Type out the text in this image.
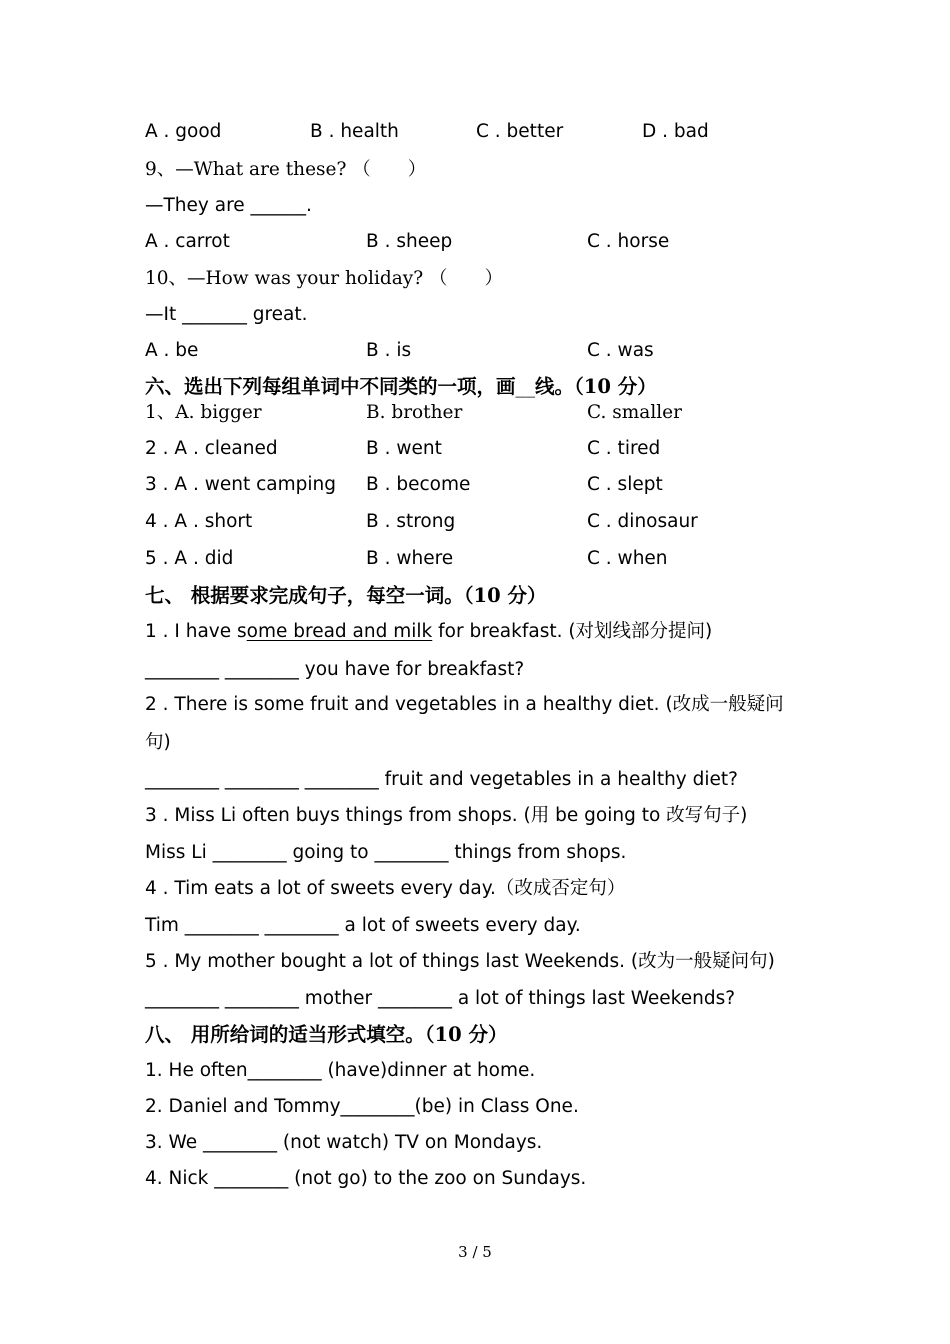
A . good	B . health	C . better	D . bad
9、—What are these? （　　）
—They are ______.
A . carrot	B . sheep	C . horse
10、—How was your holiday? （　　）
—It _______ great.
A . be	B . is	C . was
六、选出下列每组单词中不同类的一项，画__线。（10 分）
1、A. bigger	B. brother	C. smaller
2 . A . cleaned	B . went	C . tired
3 . A . went camping B . become	C . slept
4 . A . short	B . strong	C . dinosaur
5 . A . did	B . where	C . when
七、 根据要求完成句子，每空一词。（10 分）
1 . I have some bread and milk for breakfast. (对划线部分提问)
________ ________ you have for breakfast?
2 . There is some fruit and vegetables in a healthy diet. (改成一般疑问
句)
________ ________ ________ fruit and vegetables in a healthy diet?
3 . Miss Li often buys things from shops. (用 be going to 改写句子)
Miss Li ________ going to ________ things from shops.
4 . Tim eats a lot of sweets every day.（改成否定句）
Tim ________ ________ a lot of sweets every day.
5 . My mother bought a lot of things last Weekends. (改为一般疑问句)
________ ________ mother ________ a lot of things last Weekends?
八、 用所给词的适当形式填空。（10 分）
1. He often________ (have)dinner at home.
2. Daniel and Tommy________(be) in Class One.
3. We ________ (not watch) TV on Mondays.
4. Nick ________ (not go) to the zoo on Sundays.
3 / 5
